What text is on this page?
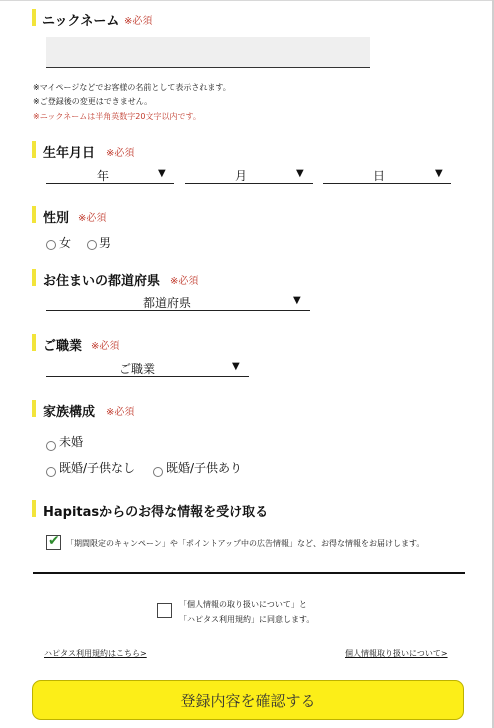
ニックネーム ※必須
※マイページなどでお客様の名前として表示されます。
※ご登録後の変更はできません。
※ニックネームは半角英数字20文字以内です。
生年月日 ※必須
年	▼	月	▼	日	▼
性別 ※必須
女 男
お住まいの都道府県 ※必須
都道府県	▼
ご職業 ※必須
ご職業	▼
家族構成 ※必須
未婚
既婚/子供なし	既婚/子供あり
Hapitasからのお得な情報を受け取る
✔ 「期間限定のキャンペーン」や「ポイントアップ中の広告情報」など、お得な情報をお届けします。
「個人情報の取り扱いについて」と
「ハピタス利用規約」に同意します。
ハピタス利用規約はこちら>	個人情報取り扱いについて>
登録内容を確認する
